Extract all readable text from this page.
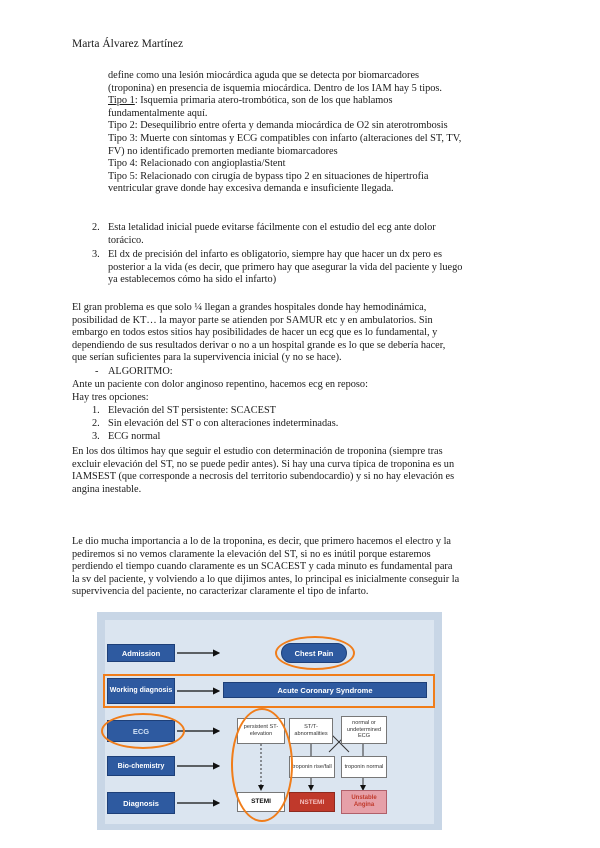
Marta Álvarez Martínez
define como una lesión miocárdica aguda que se detecta por biomarcadores
(troponina) en presencia de isquemia miocárdica. Dentro de los IAM hay 5 tipos.
Tipo 1: Isquemia primaria atero-trombótica, son de los que hablamos
fundamentalmente aquí.
Tipo 2: Desequilibrio entre oferta y demanda miocárdica de O2 sin aterotrombosis
Tipo 3: Muerte con síntomas y ECG compatibles con infarto (alteraciones del ST, TV,
FV) no identificado premorten mediante biomarcadores
Tipo 4: Relacionado con angioplastia/Stent
Tipo 5: Relacionado con cirugía de bypass tipo 2 en situaciones de hipertrofia
ventricular grave donde hay excesiva demanda e insuficiente llegada.
2. Esta letalidad inicial puede evitarse fácilmente con el estudio del ecg ante dolor
torácico.
3. El dx de precisión del infarto es obligatorio, siempre hay que hacer un dx pero es
posterior a la vida (es decir, que primero hay que asegurar la vida del paciente y luego
ya establecemos cómo ha sido el infarto)
El gran problema es que solo ¼ llegan a grandes hospitales donde hay hemodinámica,
posibilidad de KT… la mayor parte se atienden por SAMUR etc y en ambulatorios. Sin
embargo en todos estos sitios hay posibilidades de hacer un ecg que es lo fundamental, y
dependiendo de sus resultados derivar o no a un hospital grande es lo que se debería hacer,
que serían suficientes para la supervivencia inicial (y no se hace).
- ALGORITMO:
Ante un paciente con dolor anginoso repentino, hacemos ecg en reposo:
Hay tres opciones:
1. Elevación del ST persistente: SCACEST
2. Sin elevación del ST o con alteraciones indeterminadas.
3. ECG normal
En los dos últimos hay que seguir el estudio con determinación de troponina (siempre tras
excluir elevación del ST, no se puede pedir antes). Si hay una curva típica de troponina es un
IAMSEST (que corresponde a necrosis del territorio subendocardio) y si no hay elevación es
angina inestable.
Le dio mucha importancia a lo de la troponina, es decir, que primero hacemos el electro y la
pediremos si no vemos claramente la elevación del ST, si no es inútil porque estaremos
perdiendo el tiempo cuando claramente es un SCACEST y cada minuto es fundamental para
la sv del paciente, y volviendo a lo que dijimos antes, lo principal es inicialmente conseguir la
supervivencia del paciente, no caracterizar claramente el tipo de infarto.
Admission
Working diagnosis
ECG
Bio-chemistry
Diagnosis
Chest Pain
Acute Coronary Syndrome
persistent ST-elevation
ST/T-abnormalities
normal or undetermined ECG
troponin rise/fall	troponin normal
STEMI	NSTEMI
Unstable Angina
